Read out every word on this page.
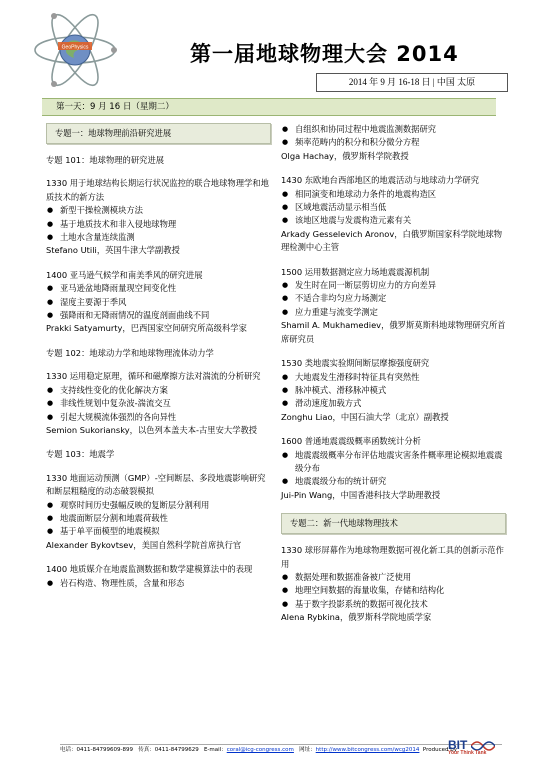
GeoPhysics	第一届地球物理大会 2014
2014 年 9 月 16-18 日 | 中国 太原
第一天：9 月 16 日（星期二）
专题一：地球物理前沿研究进展
专题 101：地球物理的研究进展
1330 用于地球结构长期运行状况监控的联合地球物理学和地质技术的新方法
● 新型干操检测模块方法
● 基于地质技术和非入侵地球物理
● 土地水含量连续监测
Stefano Utili，英国牛津大学副教授
1400 亚马逊气候学和南美季风的研究进展
● 亚马逊盆地降雨量现空间变化性
● 湿度主要源于季风
● 强降雨和无降雨情况的温度剖面曲线不同
Prakki Satyamurty，巴西国家空间研究所高级科学家
专题 102：地球动力学和地球物理流体动力学
1330 运用稳定原理，循环和磁摩擦方法对湍流的分析研究
● 支持线性变化的优化解决方案
● 非线性规划中复杂波-湍流交互
● 引起大规模流体强烈的各向异性
Semion Sukoriansky，以色列本盖夫本-古里安大学教授
专题 103：地震学
1330 地面运动预测（GMP）-空间断层、多段地震影响研究和断层粗糙度的动态破裂模拟
● 观察时间历史强幅反映的复断层分割利用
● 地震面断层分割和地震荷载性
● 基于单平面模型的地震模拟
Alexander Bykovtsev，美国自然科学院首席执行官
1400 地质媒介在地震监测数据和数学建模算法中的表现
● 岩石构造、物理性质，含量和形态
● 自组织和协同过程中地震监测数据研究
● 频率范畴内的积分和积分微分方程
Olga Hachay，俄罗斯科学院教授
1430 东欧地台西部地区的地震活动与地球动力学研究
● 相同演变和地球动力条件的地震构造区
● 区域地震活动显示相当低
● 该地区地震与发震构造元素有关
Arkady Gesselevich Aronov，白俄罗斯国家科学院地球物理检测中心主管
1500 运用数据测定应力场地震震源机制
● 发生时在同一断层剪切应力的方向差异
● 不适合非均匀应力场测定
● 应力重建与流变学测定
Shamil A. Mukhamediev，俄罗斯莫斯科地球物理研究所首席研究员
1530 类地震实验期间断层摩擦强度研究
● 大地震发生滑移时特征具有突然性
● 脉冲模式、滑移脉冲模式
● 滑动速度加载方式
Zonghu Liao，中国石油大学（北京）副教授
1600 普通地震震级概率函数统计分析
● 地震震级概率分布评估地震灾害条件概率理论模拟地震震级分布
● 地震震级分布的统计研究
Jui-Pin Wang，中国香港科技大学助理教授
专题二：新一代地球物理技术
1330 球形屏幕作为地球物理数据可视化新工具的创新示范作用
● 数据处理和数据准备被广泛使用
● 地理空间数据的海量收集，存储和结构化
● 基于数字投影系统的数据可视化技术
Alena Rybkina，俄罗斯科学院地质学家
电话：0411-84799609-899 传真：0411-84799629 E-mail：coral@icg-congress.com 网址：http://www.bitcongress.com/wcg2014 Produced by
BIT
Your Think Tank
